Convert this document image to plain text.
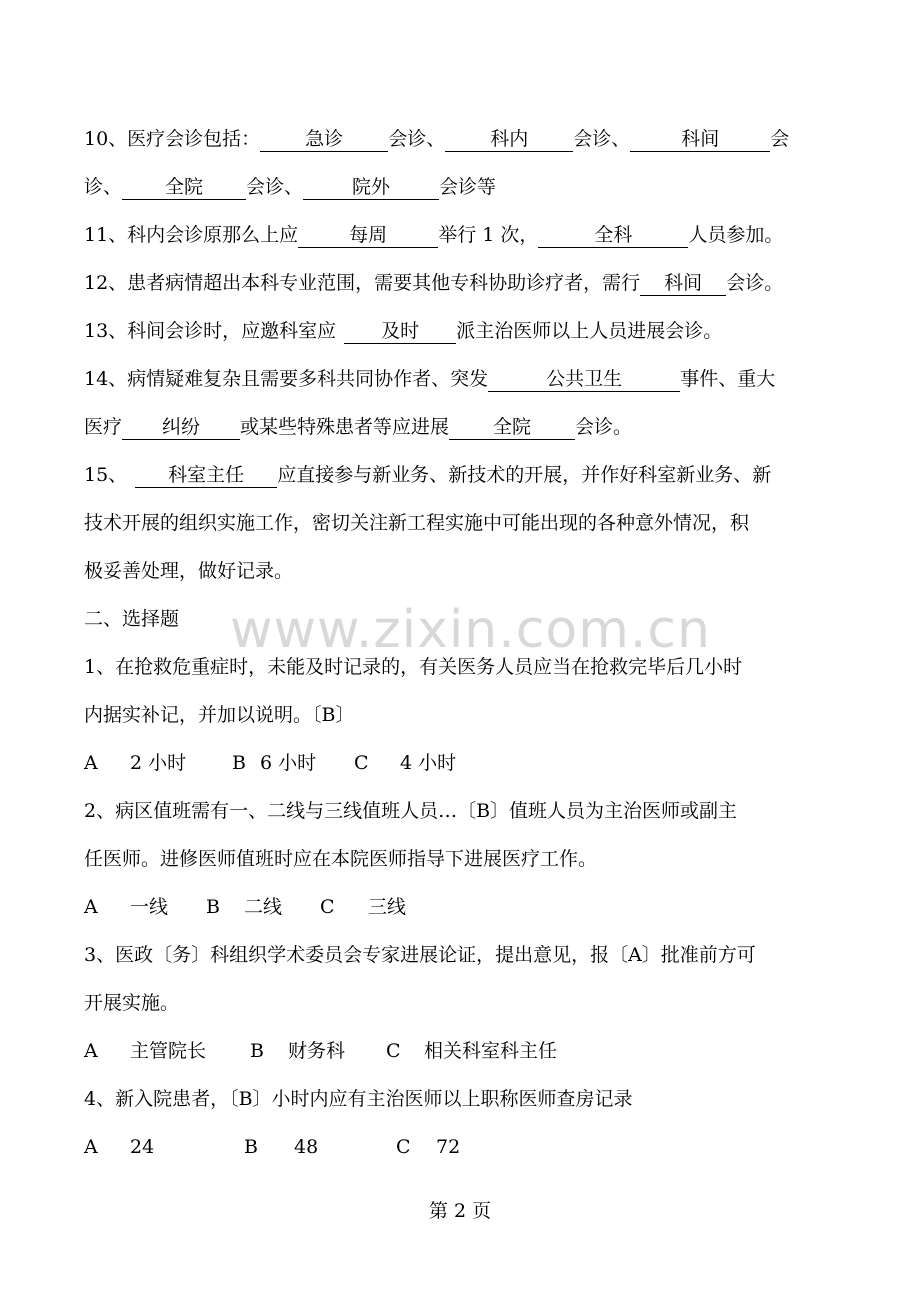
www.zixin.com.cn
10、医疗会诊包括： 急诊 会诊、 科内 会诊、	科间	会
诊、 全院 会诊、	院外	会诊等
11、科内会诊原那么上应	每周	举行 1 次，	全科	人员参加。
12、患者病情超出本科专业范围，需要其他专科协助诊疗者，需行 科间 会诊。
13、科间会诊时，应邀科室应 及时 派主治医师以上人员进展会诊。
14、病情疑难复杂且需要多科共同协作者、突发	公共卫生	事件、重大
医疗 纠纷 或某些特殊患者等应进展 全院 会诊。
15、 科室主任 应直接参与新业务、新技术的开展，并作好科室新业务、新
技术开展的组织实施工作，密切关注新工程实施中可能出现的各种意外情况，积
极妥善处理，做好记录。
二、选择题
1、在抢救危重症时，未能及时记录的，有关医务人员应当在抢救完毕后几小时
内据实补记，并加以说明。〔B〕
A 2 小时 B 6 小时 C 4 小时
2、病区值班需有一、二线与三线值班人员…〔B〕值班人员为主治医师或副主
任医师。进修医师值班时应在本院医师指导下进展医疗工作。
A 一线 B 二线 C 三线
3、医政〔务〕科组织学术委员会专家进展论证，提出意见，报〔A〕批准前方可
开展实施。
A 主管院长 B 财务科 C 相关科室科主任
4、新入院患者，〔B〕小时内应有主治医师以上职称医师查房记录
A 24	B 48	C 72
第 2 页
